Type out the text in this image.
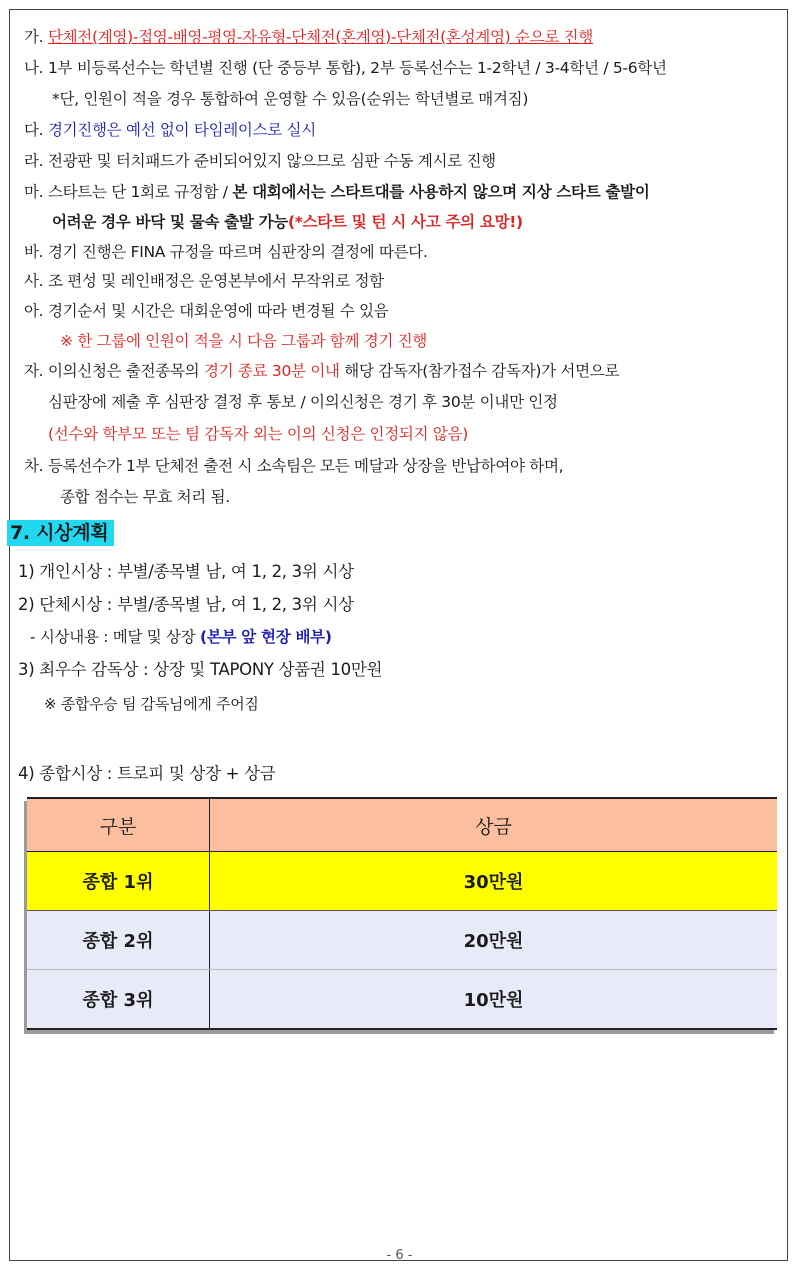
가. 단체전(계영)-접영-배영-평영-자유형-단체전(혼계영)-단체전(혼성계영) 순으로 진행
나. 1부 비등록선수는 학년별 진행 (단 중등부 통합), 2부 등록선수는 1-2학년 / 3-4학년 / 5-6학년
*단, 인원이 적을 경우 통합하여 운영할 수 있음(순위는 학년별로 매겨짐)
다. 경기진행은 예선 없이 타임레이스로 실시
라. 전광판 및 터치패드가 준비되어있지 않으므로 심판 수동 계시로 진행
마. 스타트는 단 1회로 규정함 / 본 대회에서는 스타트대를 사용하지 않으며 지상 스타트 출발이
어려운 경우 바닥 및 물속 출발 가능(*스타트 및 턴 시 사고 주의 요망!)
바. 경기 진행은 FINA 규정을 따르며 심판장의 결정에 따른다.
사. 조 편성 및 레인배정은 운영본부에서 무작위로 정함
아. 경기순서 및 시간은 대회운영에 따라 변경될 수 있음
※ 한 그룹에 인원이 적을 시 다음 그룹과 함께 경기 진행
자. 이의신청은 출전종목의 경기 종료 30분 이내 해당 감독자(참가접수 감독자)가 서면으로
심판장에 제출 후 심판장 결정 후 통보 / 이의신청은 경기 후 30분 이내만 인정
(선수와 학부모 또는 팀 감독자 외는 이의 신청은 인정되지 않음)
차. 등록선수가 1부 단체전 출전 시 소속팀은 모든 메달과 상장을 반납하여야 하며,
종합 점수는 무효 처리 됨.
7. 시상계획
1) 개인시상 : 부별/종목별 남, 여 1, 2, 3위 시상
2) 단체시상 : 부별/종목별 남, 여 1, 2, 3위 시상
- 시상내용 : 메달 및 상장 (본부 앞 현장 배부)
3) 최우수 감독상 : 상장 및 TAPONY 상품권 10만원
※ 종합우승 팀 감독님에게 주어짐
4) 종합시상 : 트로피 및 상장 + 상금
구분	상금
종합 1위	30만원
종합 2위	20만원
종합 3위	10만원
- 6 -
